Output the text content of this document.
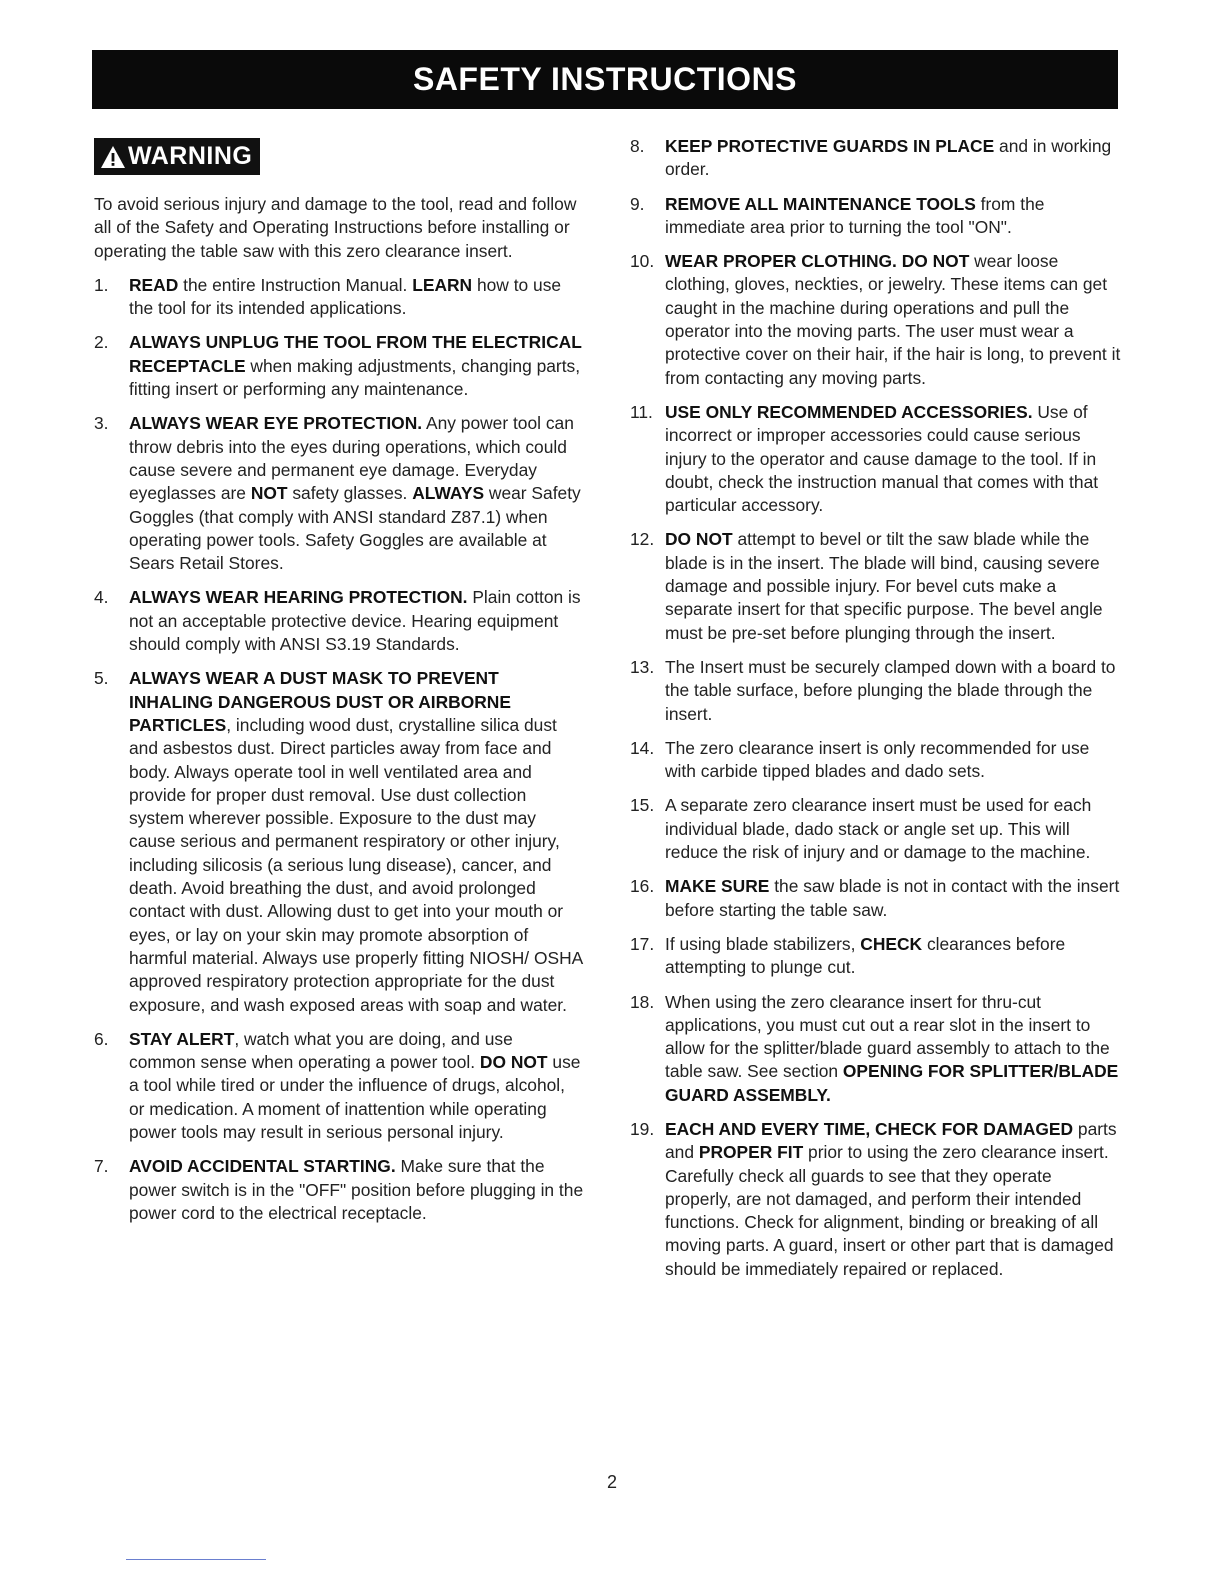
SAFETY INSTRUCTIONS
WARNING
To avoid serious injury and damage to the tool, read and follow all of the Safety and Operating Instructions before installing or operating the table saw with this zero clearance insert.
1.	READ the entire Instruction Manual. LEARN how to use the tool for its intended applications.
2.	ALWAYS UNPLUG THE TOOL FROM THE ELECTRICAL RECEPTACLE when making adjustments, changing parts, fitting insert or performing any maintenance.
3.	ALWAYS WEAR EYE PROTECTION. Any power tool can throw debris into the eyes during operations, which could cause severe and permanent eye damage. Everyday eyeglasses are NOT safety glasses. ALWAYS wear Safety Goggles (that comply with ANSI standard Z87.1) when operating power tools. Safety Goggles are available at Sears Retail Stores.
4.	ALWAYS WEAR HEARING PROTECTION. Plain cotton is not an acceptable protective device. Hearing equipment should comply with ANSI S3.19 Standards.
5.	ALWAYS WEAR A DUST MASK TO PREVENT INHALING DANGEROUS DUST OR AIRBORNE PARTICLES, including wood dust, crystalline silica dust and asbestos dust. Direct particles away from face and body. Always operate tool in well ventilated area and provide for proper dust removal. Use dust collection system wherever possible. Exposure to the dust may cause serious and permanent respiratory or other injury, including silicosis (a serious lung disease), cancer, and death. Avoid breathing the dust, and avoid prolonged contact with dust. Allowing dust to get into your mouth or eyes, or lay on your skin may promote absorption of harmful material. Always use properly fitting NIOSH/ OSHA approved respiratory protection appropriate for the dust exposure, and wash exposed areas with soap and water.
6.	STAY ALERT, watch what you are doing, and use common sense when operating a power tool. DO NOT use a tool while tired or under the influence of drugs, alcohol, or medication. A moment of inattention while operating power tools may result in serious personal injury.
7.	AVOID ACCIDENTAL STARTING. Make sure that the power switch is in the "OFF" position before plugging in the power cord to the electrical receptacle.
8.	KEEP PROTECTIVE GUARDS IN PLACE and in working order.
9.	REMOVE ALL MAINTENANCE TOOLS from the immediate area prior to turning the tool "ON".
10. WEAR PROPER CLOTHING. DO NOT wear loose clothing, gloves, neckties, or jewelry. These items can get caught in the machine during operations and pull the operator into the moving parts. The user must wear a protective cover on their hair, if the hair is long, to prevent it from contacting any moving parts.
11. USE ONLY RECOMMENDED ACCESSORIES. Use of incorrect or improper accessories could cause serious injury to the operator and cause damage to the tool. If in doubt, check the instruction manual that comes with that particular accessory.
12. DO NOT attempt to bevel or tilt the saw blade while the blade is in the insert. The blade will bind, causing severe damage and possible injury. For bevel cuts make a separate insert for that specific purpose. The bevel angle must be pre-set before plunging through the insert.
13. The Insert must be securely clamped down with a board to the table surface, before plunging the blade through the insert.
14. The zero clearance insert is only recommended for use with carbide tipped blades and dado sets.
15. A separate zero clearance insert must be used for each individual blade, dado stack or angle set up. This will reduce the risk of injury and or damage to the machine.
16. MAKE SURE the saw blade is not in contact with the insert before starting the table saw.
17. If using blade stabilizers, CHECK clearances before attempting to plunge cut.
18. When using the zero clearance insert for thru-cut applications, you must cut out a rear slot in the insert to allow for the splitter/blade guard assembly to attach to the table saw. See section OPENING FOR SPLITTER/BLADE GUARD ASSEMBLY.
19. EACH AND EVERY TIME, CHECK FOR DAMAGED parts and PROPER FIT prior to using the zero clearance insert. Carefully check all guards to see that they operate properly, are not damaged, and perform their intended functions. Check for alignment, binding or breaking of all moving parts. A guard, insert or other part that is damaged should be immediately repaired or replaced.
2
